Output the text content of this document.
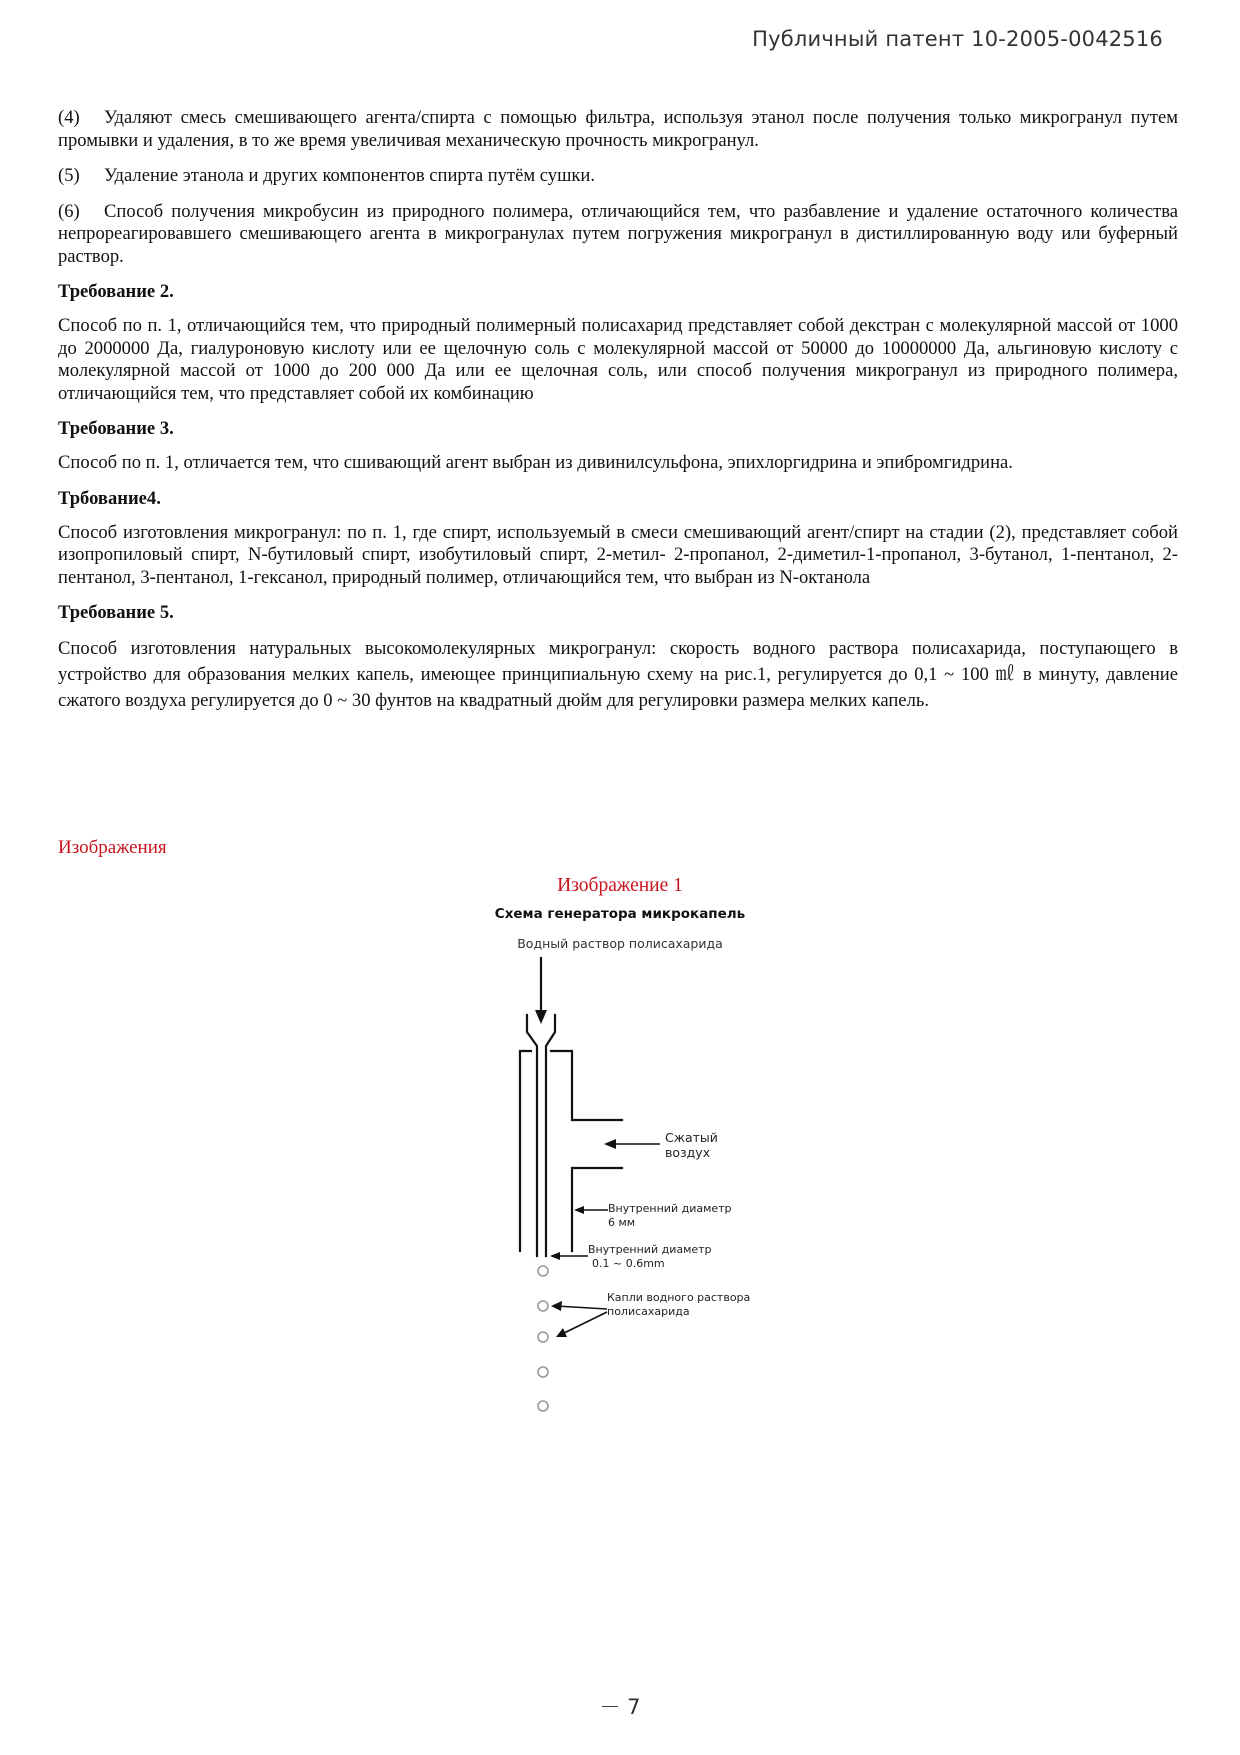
Публичный патент 10-2005-0042516

(4) Удаляют смесь смешивающего агента/спирта с помощью фильтра, используя этанол после получения только микрогранул путем промывки и удаления, в то же время увеличивая механическую прочность микрогранул.

(5) Удаление этанола и других компонентов спирта путём сушки.

(6) Способ получения микробусин из природного полимера, отличающийся тем, что разбавление и удаление остаточного количества непрореагировавшего смешивающего агента в микрогранулах путем погружения микрогранул в дистиллированную воду или буферный раствор.

Требование 2.

Способ по п. 1, отличающийся тем, что природный полимерный полисахарид представляет собой декстран с молекулярной массой от 1000 до 2000000 Да, гиалуроновую кислоту или ее щелочную соль с молекулярной массой от 50000 до 10000000 Да, альгиновую кислоту с молекулярной массой от 1000 до 200 000 Да или ее щелочная соль, или способ получения микрогранул из природного полимера, отличающийся тем, что представляет собой их комбинацию

Требование 3.

Способ по п. 1, отличается тем, что сшивающий агент выбран из дивинилсульфона, эпихлоргидрина и эпибромгидрина.

Трбование4.

Способ изготовления микрогранул: по п. 1, где спирт, используемый в смеси смешивающий агент/спирт на стадии (2), представляет собой изопропиловый спирт, N-бутиловый спирт, изобутиловый спирт, 2-метил- 2-пропанол, 2-диметил-1-пропанол, 3-бутанол, 1-пентанол, 2-пентанол, 3-пентанол, 1-гексанол, природный полимер, отличающийся тем, что выбран из N-октанола

Требование 5.

Способ изготовления натуральных высокомолекулярных микрогранул: скорость водного раствора полисахарида, поступающего в устройство для образования мелких капель, имеющее принципиальную схему на рис.1, регулируется до 0,1 ~ 100 ㎖ в минуту, давление сжатого воздуха регулируется до 0 ~ 30 фунтов на квадратный дюйм для регулировки размера мелких капель.

Изображения
Изображение 1
Схема генератора микрокапель
Водный раствор полисахарида
Сжатый
воздух
Внутренний диаметр
6 мм
Внутренний диаметр
0.1 ~ 0.6mm
Капли водного раствора
полисахарида
－ 7
